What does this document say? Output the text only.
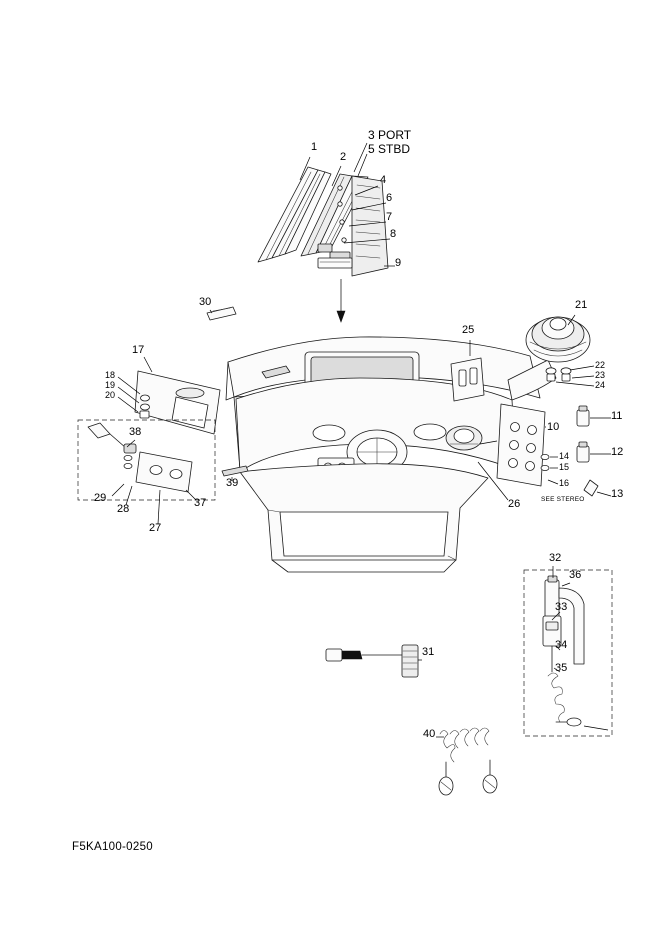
1
2
3 PORT
5 STBD
4
6
7
8
9
30
17
18
19
20
38
29
28
27
37
39
25
21
22
23
24
10
11
12
13
14
15
16
26
32
36
33
34
35
31
40
SEE STEREO
F5KA100-0250
